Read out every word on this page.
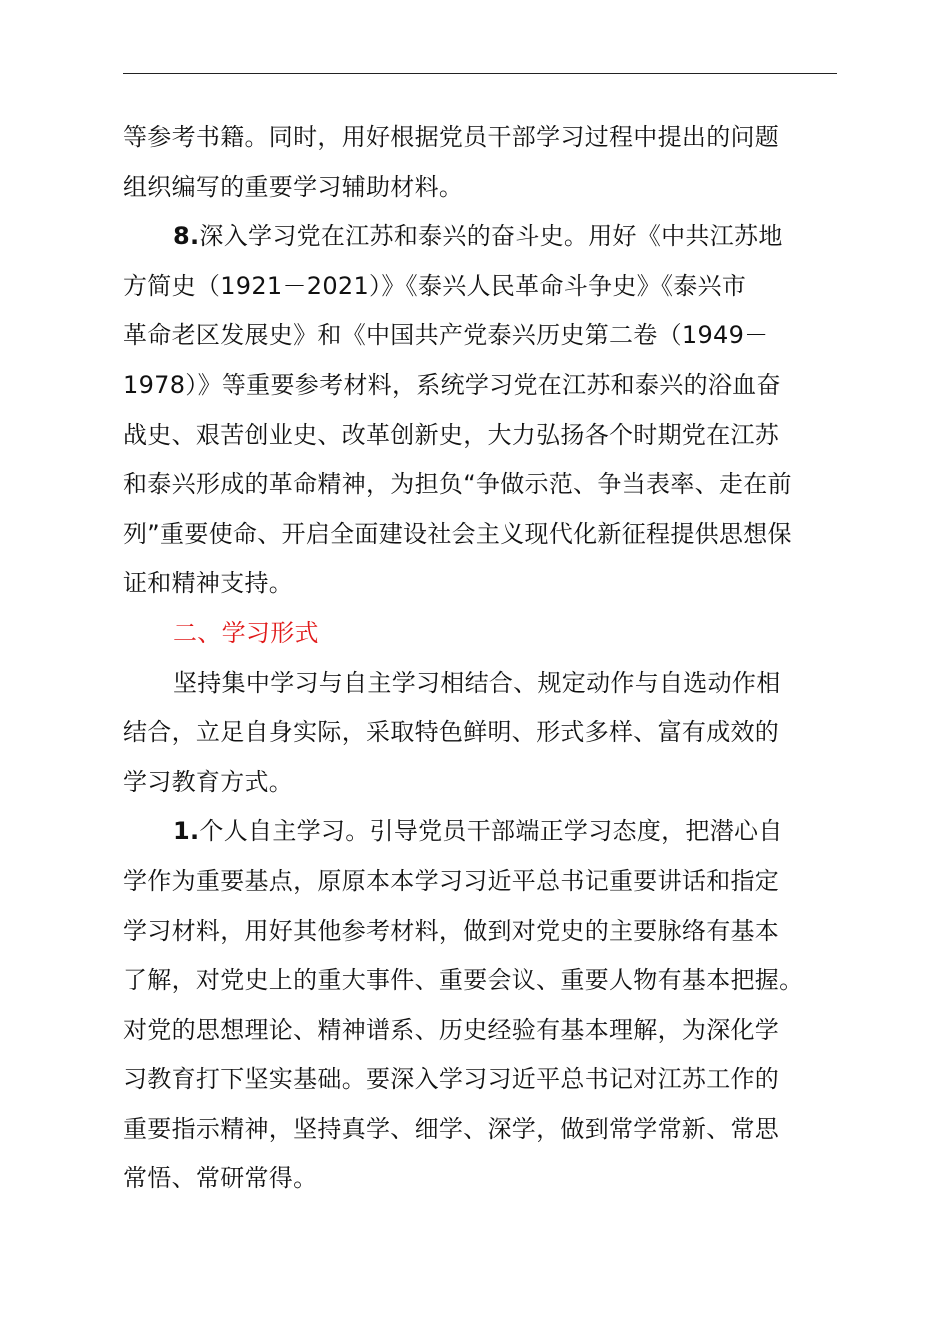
等参考书籍。同时，用好根据党员干部学习过程中提出的问题
组织编写的重要学习辅助材料。
8.深入学习党在江苏和泰兴的奋斗史。用好《中共江苏地
方简史（1921－2021）》《泰兴人民革命斗争史》《泰兴市
革命老区发展史》和《中国共产党泰兴历史第二卷（1949－
1978）》等重要参考材料，系统学习党在江苏和泰兴的浴血奋
战史、艰苦创业史、改革创新史，大力弘扬各个时期党在江苏
和泰兴形成的革命精神，为担负“争做示范、争当表率、走在前
列”重要使命、开启全面建设社会主义现代化新征程提供思想保
证和精神支持。
二、学习形式
坚持集中学习与自主学习相结合、规定动作与自选动作相
结合，立足自身实际，采取特色鲜明、形式多样、富有成效的
学习教育方式。
1.个人自主学习。引导党员干部端正学习态度，把潜心自
学作为重要基点，原原本本学习习近平总书记重要讲话和指定
学习材料，用好其他参考材料，做到对党史的主要脉络有基本
了解，对党史上的重大事件、重要会议、重要人物有基本把握。
对党的思想理论、精神谱系、历史经验有基本理解，为深化学
习教育打下坚实基础。要深入学习习近平总书记对江苏工作的
重要指示精神，坚持真学、细学、深学，做到常学常新、常思
常悟、常研常得。
